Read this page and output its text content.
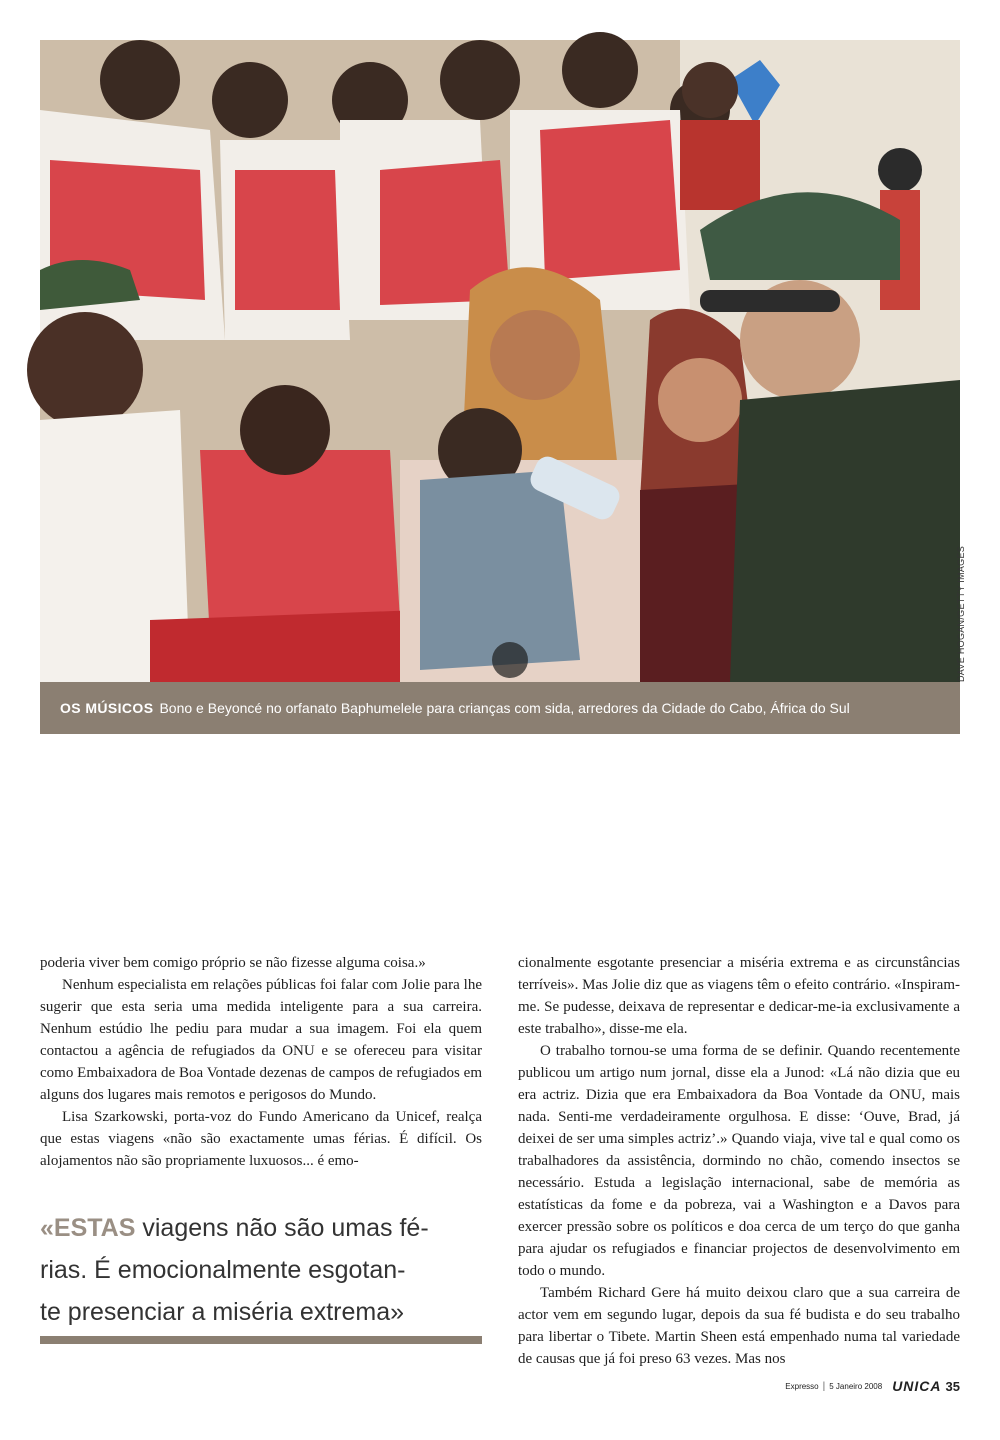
DAVE HOGAN/GETTY IMAGES
OS MÚSICOS Bono e Beyoncé no orfanato Baphumelele para crianças com sida, arredores da Cidade do Cabo, África do Sul

poderia viver bem comigo próprio se não fizesse alguma coisa.»

Nenhum especialista em relações públicas foi falar com Jolie para lhe sugerir que esta seria uma medida inteligente para a sua carreira. Nenhum estúdio lhe pediu para mudar a sua imagem. Foi ela quem contactou a agência de refugiados da ONU e se ofereceu para visitar como Embaixadora de Boa Vontade dezenas de campos de refugiados em alguns dos lugares mais remotos e perigosos do Mundo.

Lisa Szarkowski, porta-voz do Fundo Americano da Unicef, realça que estas viagens «não são exactamente umas férias. É difícil. Os alojamentos não são propriamente luxuosos... é emo-

«ESTAS viagens não são umas fé-
rias. É emocionalmente esgotan-
te presenciar a miséria extrema»

cionalmente esgotante presenciar a miséria extrema e as circunstâncias terríveis». Mas Jolie diz que as viagens têm o efeito contrário. «Inspiram-me. Se pudesse, deixava de representar e dedicar-me-ia exclusivamente a este trabalho», disse-me ela.

O trabalho tornou-se uma forma de se definir. Quando recentemente publicou um artigo num jornal, disse ela a Junod: «Lá não dizia que eu era actriz. Dizia que era Embaixadora da Boa Vontade da ONU, mais nada. Senti-me verdadeiramente orgulhosa. E disse: ‘Ouve, Brad, já deixei de ser uma simples actriz’.» Quando viaja, vive tal e qual como os trabalhadores da assistência, dormindo no chão, comendo insectos se necessário. Estuda a legislação internacional, sabe de memória as estatísticas da fome e da pobreza, vai a Washington e a Davos para exercer pressão sobre os políticos e doa cerca de um terço do que ganha para ajudar os refugiados e financiar projectos de desenvolvimento em todo o mundo.

Também Richard Gere há muito deixou claro que a sua carreira de actor vem em segundo lugar, depois da sua fé budista e do seu trabalho para libertar o Tibete. Martin Sheen está empenhado numa tal variedade de causas que já foi preso 63 vezes. Mas nos

Expresso | 5 Janeiro 2008 UNICA 35
